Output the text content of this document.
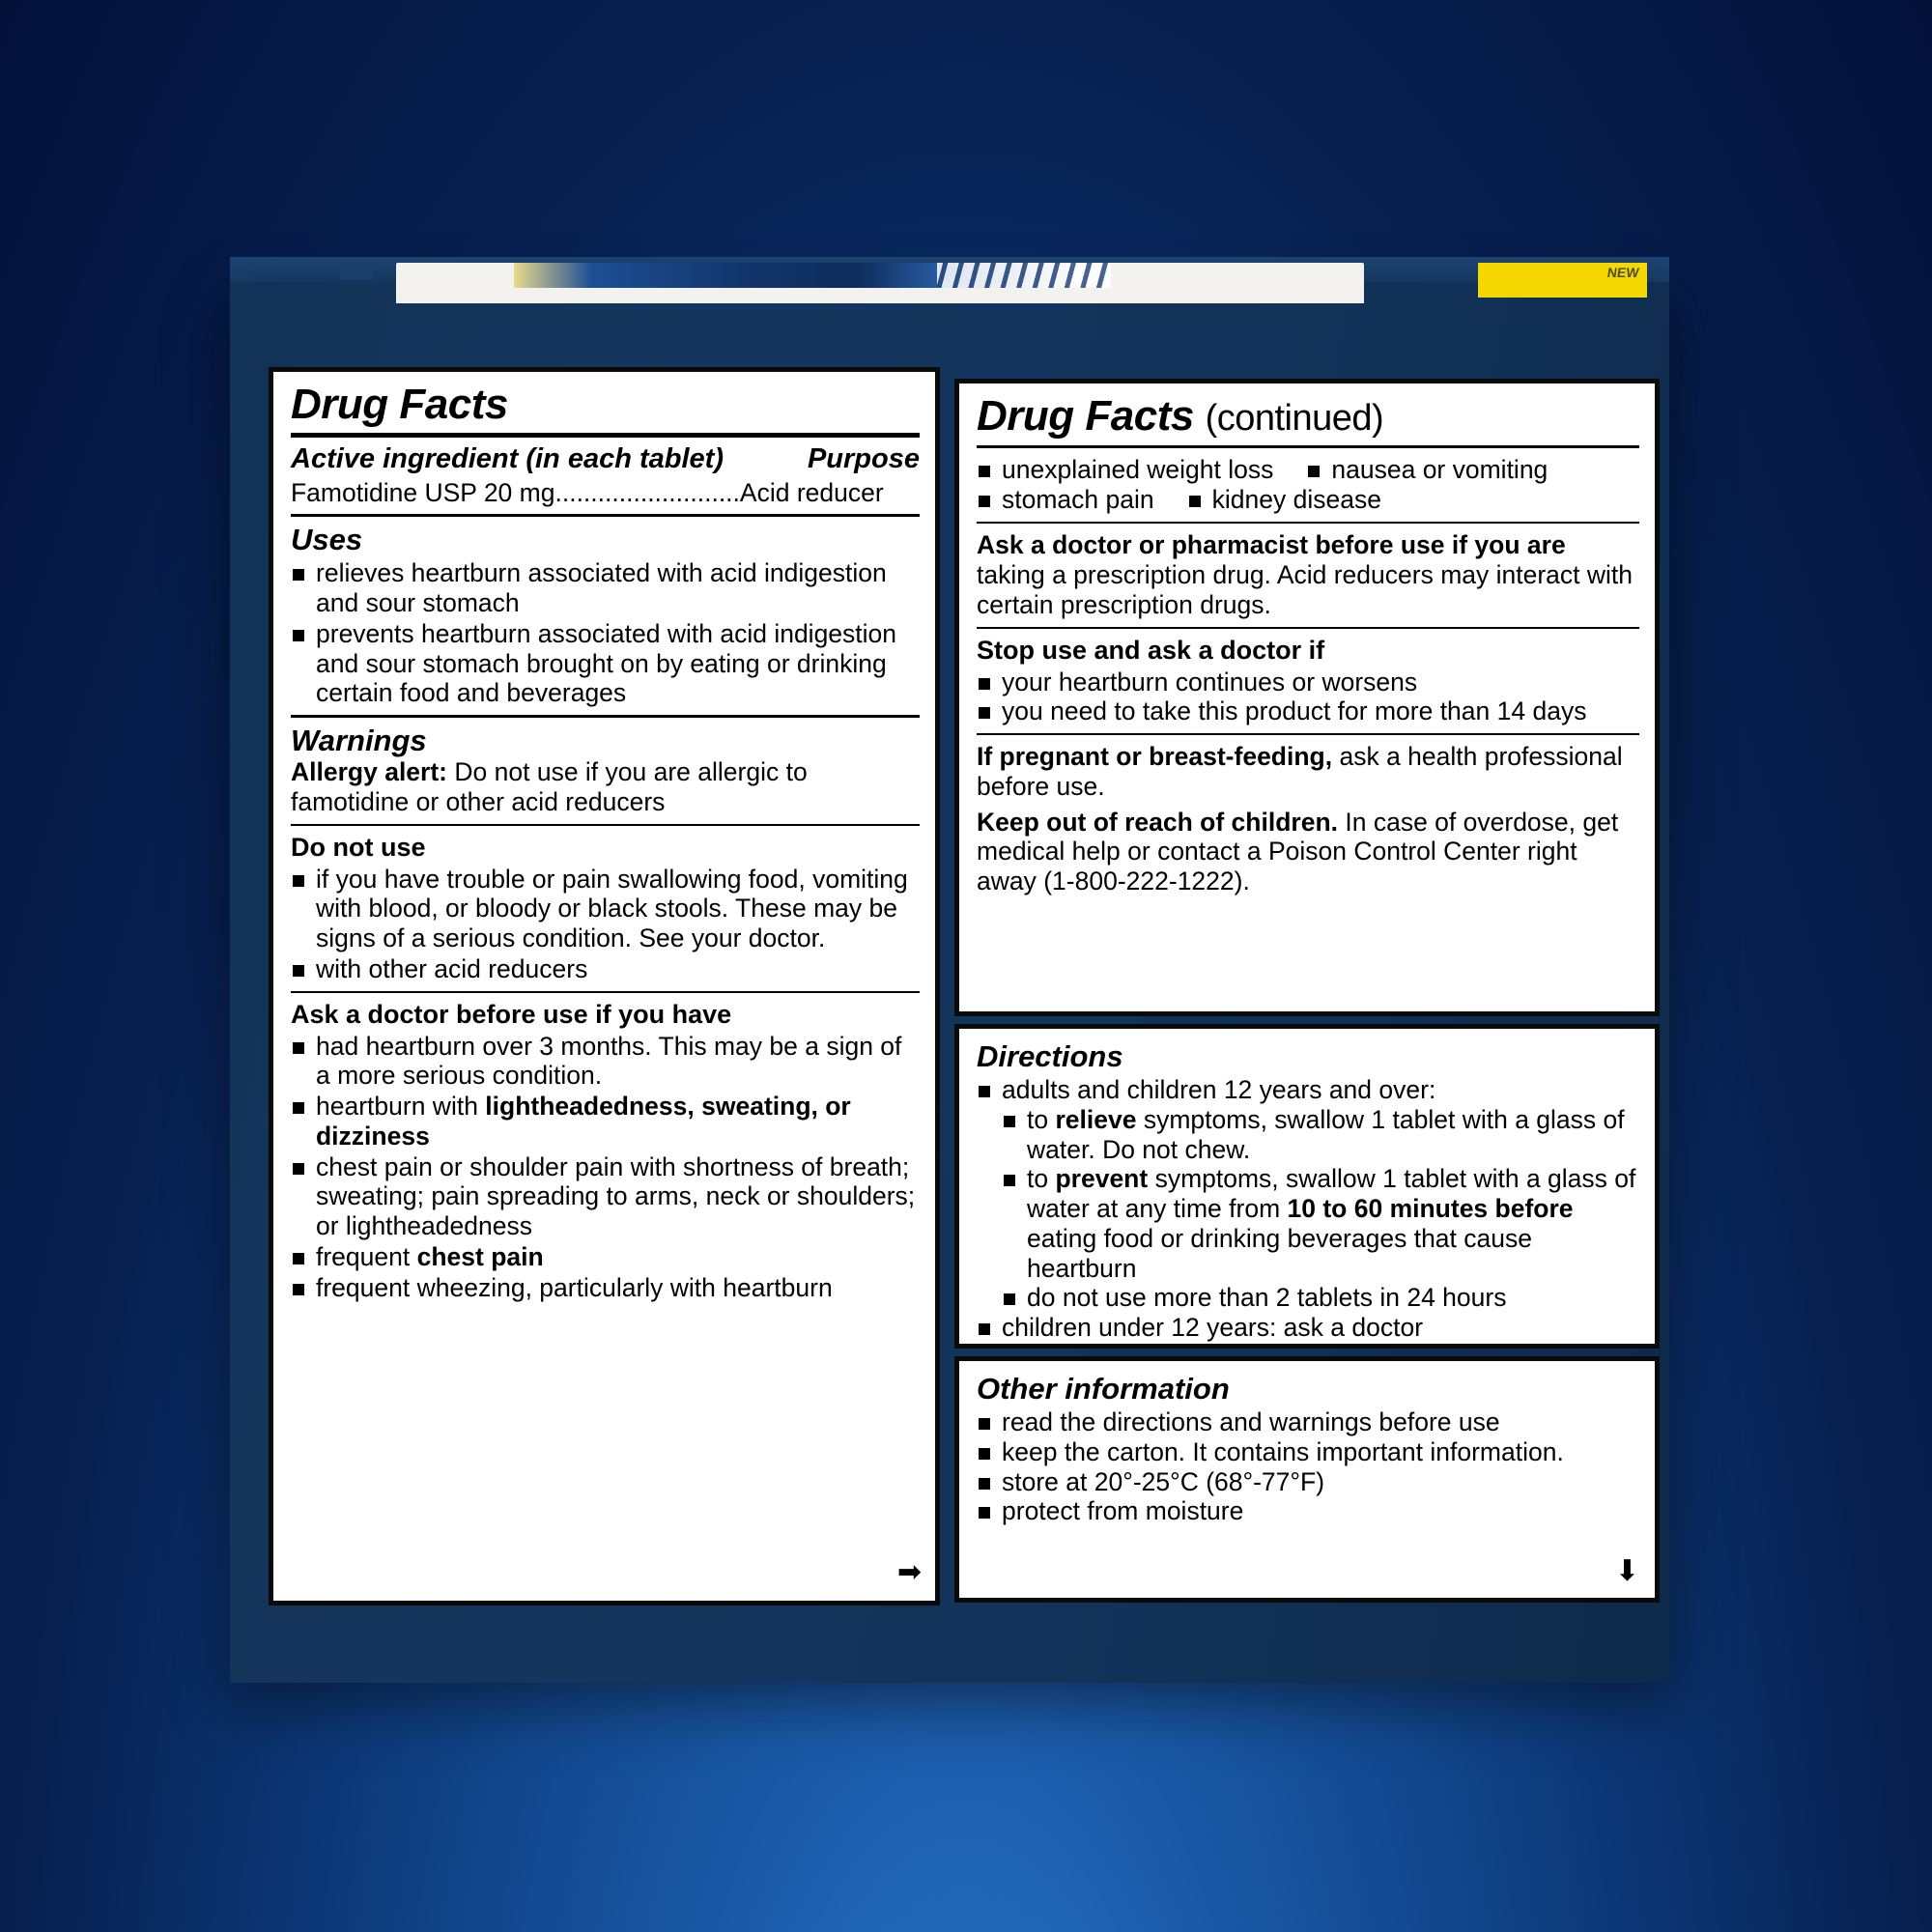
NEW
Drug Facts
Active ingredient (in each tablet)	Purpose
Famotidine USP 20 mg..........................Acid reducer
Uses
relieves heartburn associated with acid indigestion and sour stomach
prevents heartburn associated with acid indigestion and sour stomach brought on by eating or drinking certain food and beverages
Warnings
Allergy alert: Do not use if you are allergic to famotidine or other acid reducers
Do not use
if you have trouble or pain swallowing food, vomiting with blood, or bloody or black stools. These may be signs of a serious condition. See your doctor.
with other acid reducers
Ask a doctor before use if you have
had heartburn over 3 months. This may be a sign of a more serious condition.
heartburn with lightheadedness, sweating, or dizziness
chest pain or shoulder pain with shortness of breath; sweating; pain spreading to arms, neck or shoulders; or lightheadedness
frequent chest pain
frequent wheezing, particularly with heartburn
➡
Drug Facts (continued)
unexplained weight loss	nausea or vomiting
stomach pain	kidney disease
Ask a doctor or pharmacist before use if you are taking a prescription drug. Acid reducers may interact with certain prescription drugs.
Stop use and ask a doctor if
your heartburn continues or worsens
you need to take this product for more than 14 days
If pregnant or breast-feeding, ask a health professional before use.
Keep out of reach of children. In case of overdose, get medical help or contact a Poison Control Center right away (1-800-222-1222).
Directions
adults and children 12 years and over:
to relieve symptoms, swallow 1 tablet with a glass of water. Do not chew.
to prevent symptoms, swallow 1 tablet with a glass of water at any time from 10 to 60 minutes before eating food or drinking beverages that cause heartburn
do not use more than 2 tablets in 24 hours
children under 12 years: ask a doctor
Other information
read the directions and warnings before use
keep the carton. It contains important information.
store at 20°-25°C (68°-77°F)
protect from moisture
⬇
